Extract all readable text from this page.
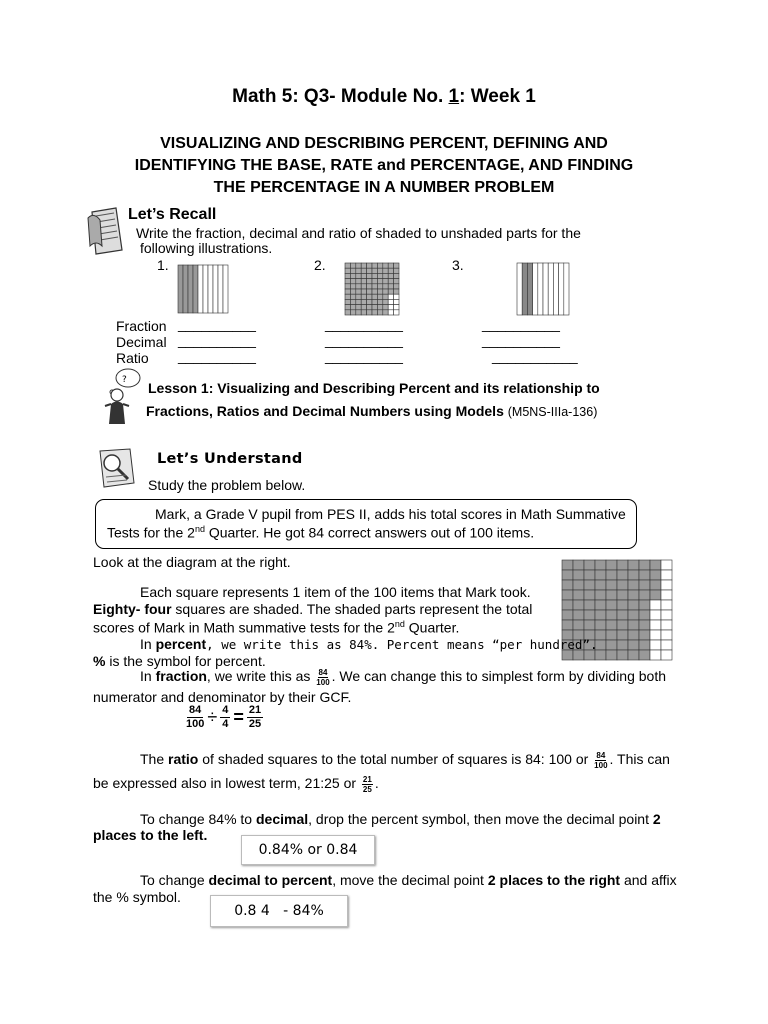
Math 5: Q3- Module No. 1: Week 1
VISUALIZING AND DESCRIBING PERCENT, DEFINING AND
IDENTIFYING THE BASE, RATE and PERCENTAGE, AND FINDING
THE PERCENTAGE IN A NUMBER PROBLEM
Let’s Recall
Write the fraction, decimal and ratio of shaded to unshaded parts for the
following illustrations.
1.	2.	3.
Fraction
Decimal
Ratio
__________
__________
__________
__________
__________
__________
__________
__________
___________
? Lesson 1: Visualizing and Describing Percent and its relationship to
Fractions, Ratios and Decimal Numbers using Models (M5NS-IIIa-136)
Let’s Understand
Study the problem below.
Mark, a Grade V pupil from PES II, adds his total scores in Math Summative
Tests for the 2nd Quarter. He got 84 correct answers out of 100 items.
Look at the diagram at the right.
Each square represents 1 item of the 100 items that Mark took.
Eighty- four squares are shaded. The shaded parts represent the total
scores of Mark in Math summative tests for the 2nd Quarter.
In percent, we write this as 84%. Percent means “per hundred”.
% is the symbol for percent.
In fraction, we write this as $\frac{84}{100}$ . We can change this to simplest form by dividing both
numerator and denominator by their GCF.
$\frac{84}{100} \div \frac{4}{4} = \frac{21}{25}$
The ratio of shaded squares to the total number of squares is 84: 100 or $\frac{84}{100}$ . This can
be expressed also in lowest term, 21:25 or $\frac{21}{25}$ .
To change 84% to decimal, drop the percent symbol, then move the decimal point 2
places to the left.
0.84% or 0.84
To change decimal to percent, move the decimal point 2 places to the right and affix
the % symbol.
0.8 4   - 84%
